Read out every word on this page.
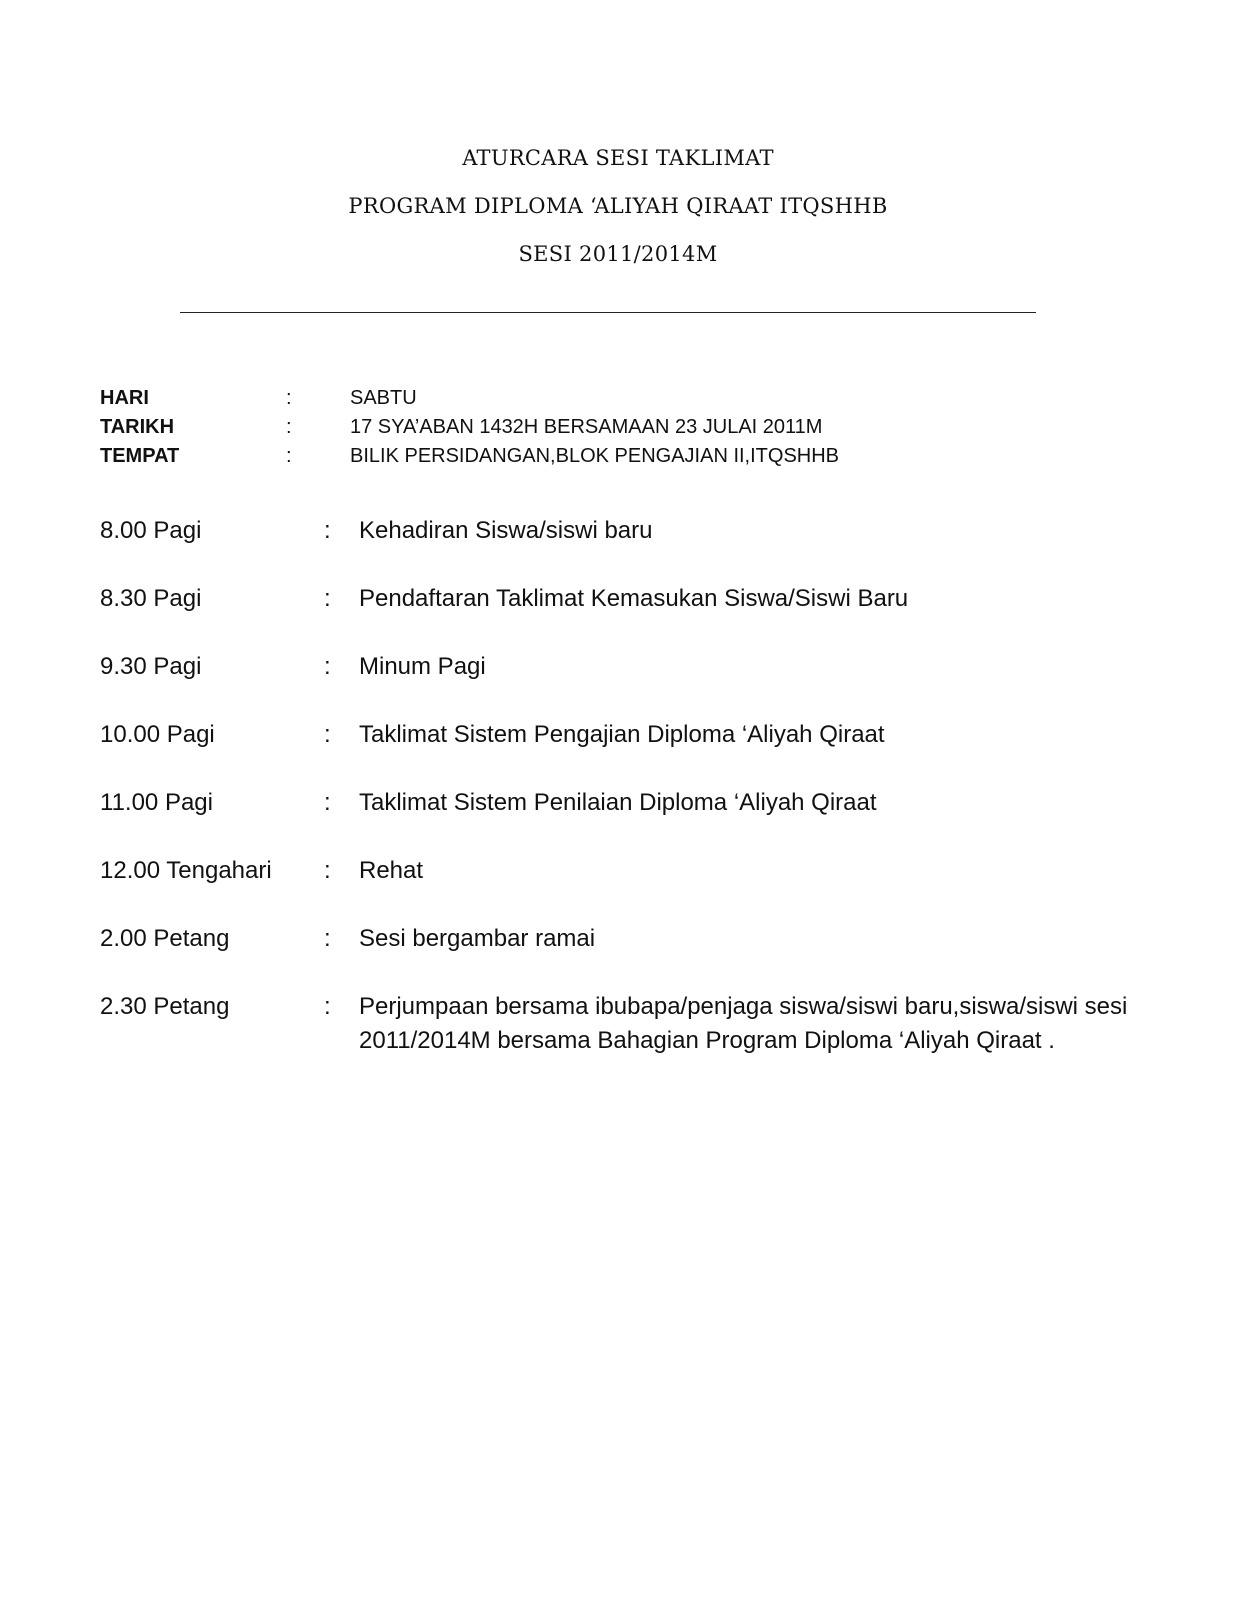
ATURCARA SESI TAKLIMAT
PROGRAM DIPLOMA ‘ALIYAH QIRAAT ITQSHHB
SESI 2011/2014M
HARI	:	SABTU
TARIKH	:	17 SYA’ABAN 1432H BERSAMAAN 23 JULAI 2011M
TEMPAT	:	BILIK PERSIDANGAN,BLOK PENGAJIAN II,ITQSHHB
8.00 Pagi	: Kehadiran Siswa/siswi baru
8.30 Pagi	: Pendaftaran Taklimat Kemasukan Siswa/Siswi Baru
9.30 Pagi	: Minum Pagi
10.00 Pagi	: Taklimat Sistem Pengajian Diploma ‘Aliyah Qiraat
11.00 Pagi	: Taklimat Sistem Penilaian Diploma ‘Aliyah Qiraat
12.00 Tengahari : Rehat
2.00 Petang	: Sesi bergambar ramai
2.30 Petang	: Perjumpaan bersama ibubapa/penjaga siswa/siswi baru,siswa/siswi sesi 2011/2014M bersama Bahagian Program Diploma ‘Aliyah Qiraat .
